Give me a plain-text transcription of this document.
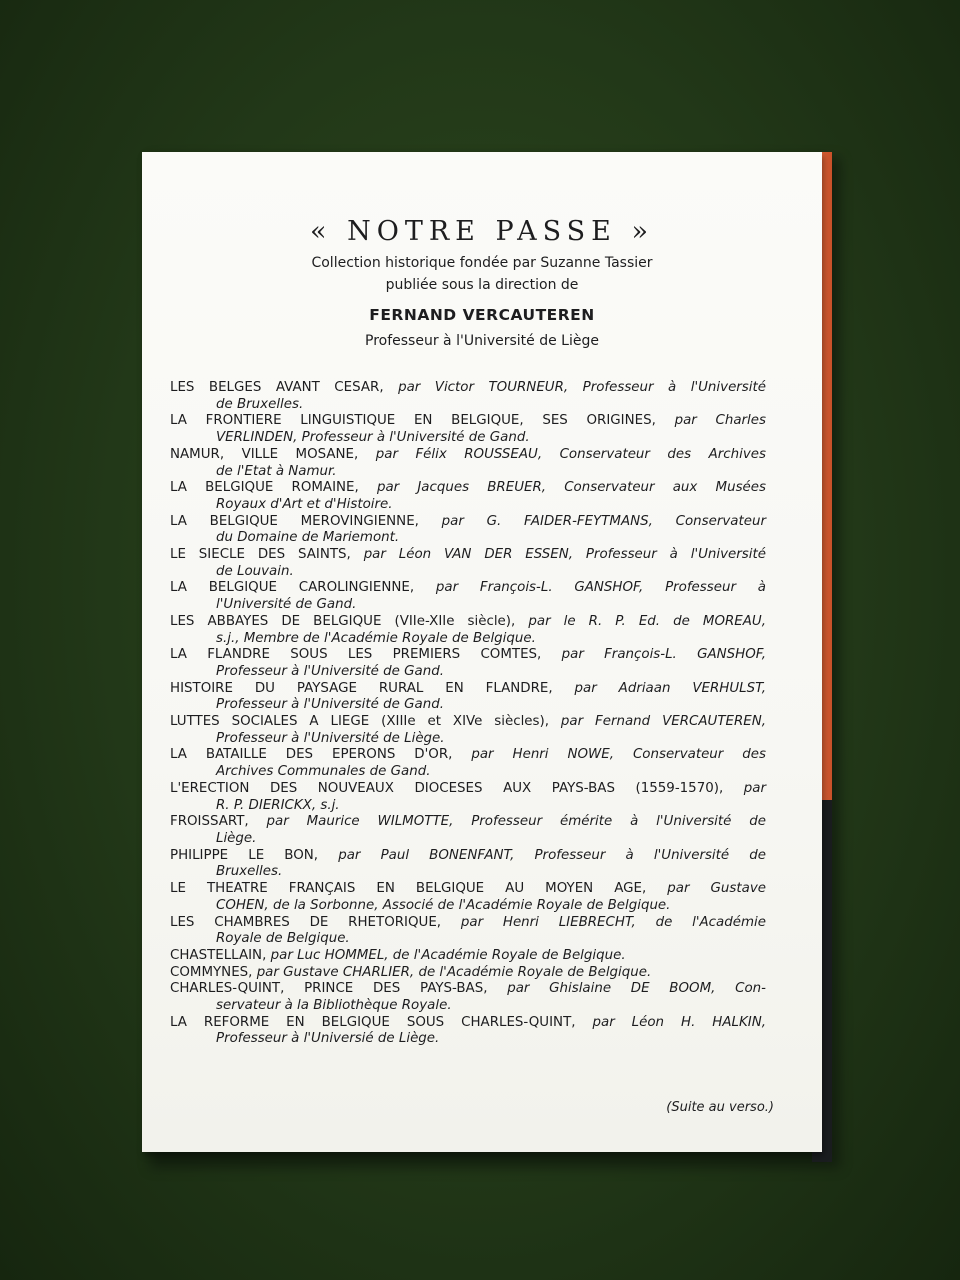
« NOTRE PASSE »

Collection historique fondée par Suzanne Tassier

publiée sous la direction de

FERNAND VERCAUTEREN

Professeur à l'Université de Liège

LES BELGES AVANT CESAR, par Victor TOURNEUR, Professeur à l'Université
de Bruxelles.
LA FRONTIERE LINGUISTIQUE EN BELGIQUE, SES ORIGINES, par Charles
VERLINDEN, Professeur à l'Université de Gand.
NAMUR, VILLE MOSANE, par Félix ROUSSEAU, Conservateur des Archives
de l'Etat à Namur.
LA BELGIQUE ROMAINE, par Jacques BREUER, Conservateur aux Musées
Royaux d'Art et d'Histoire.
LA BELGIQUE MEROVINGIENNE, par G. FAIDER-FEYTMANS, Conservateur
du Domaine de Mariemont.
LE SIECLE DES SAINTS, par Léon VAN DER ESSEN, Professeur à l'Université
de Louvain.
LA BELGIQUE CAROLINGIENNE, par François-L. GANSHOF, Professeur à
l'Université de Gand.
LES ABBAYES DE BELGIQUE (VIIe-XIIe siècle), par le R. P. Ed. de MOREAU,
s.j., Membre de l'Académie Royale de Belgique.
LA FLANDRE SOUS LES PREMIERS COMTES, par François-L. GANSHOF,
Professeur à l'Université de Gand.
HISTOIRE DU PAYSAGE RURAL EN FLANDRE, par Adriaan VERHULST,
Professeur à l'Université de Gand.
LUTTES SOCIALES A LIEGE (XIIIe et XIVe siècles), par Fernand VERCAUTEREN,
Professeur à l'Université de Liège.
LA BATAILLE DES EPERONS D'OR, par Henri NOWE, Conservateur des
Archives Communales de Gand.
L'ERECTION DES NOUVEAUX DIOCESES AUX PAYS-BAS (1559-1570), par
R. P. DIERICKX, s.j.
FROISSART, par Maurice WILMOTTE, Professeur émérite à l'Université de
Liège.
PHILIPPE LE BON, par Paul BONENFANT, Professeur à l'Université de
Bruxelles.
LE THEATRE FRANÇAIS EN BELGIQUE AU MOYEN AGE, par Gustave
COHEN, de la Sorbonne, Associé de l'Académie Royale de Belgique.
LES CHAMBRES DE RHETORIQUE, par Henri LIEBRECHT, de l'Académie
Royale de Belgique.
CHASTELLAIN, par Luc HOMMEL, de l'Académie Royale de Belgique.
COMMYNES, par Gustave CHARLIER, de l'Académie Royale de Belgique.
CHARLES-QUINT, PRINCE DES PAYS-BAS, par Ghislaine DE BOOM, Con-
servateur à la Bibliothèque Royale.
LA REFORME EN BELGIQUE SOUS CHARLES-QUINT, par Léon H. HALKIN,
Professeur à l'Universié de Liège.
(Suite au verso.)
